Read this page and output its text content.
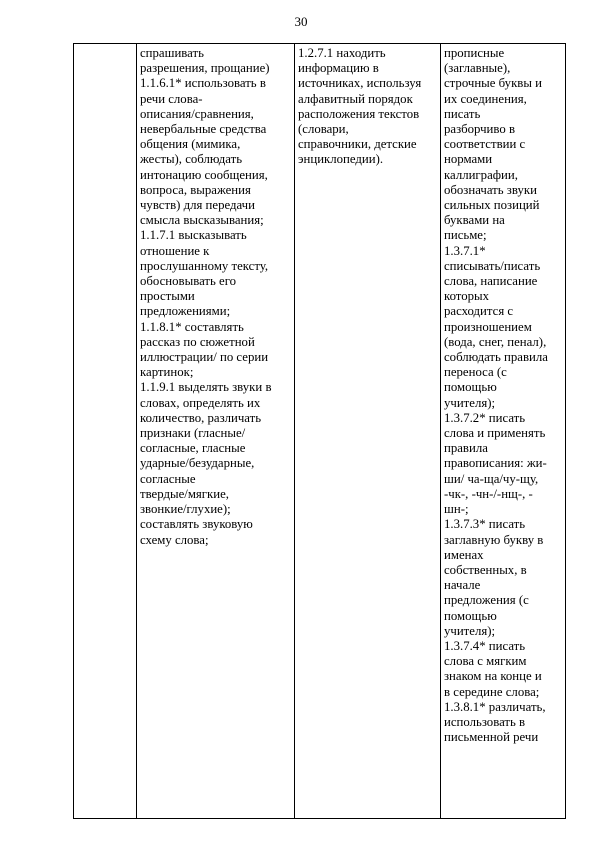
30

спрашивать
разрешения, прощание)

1.1.6.1* использовать в
речи слова-
описания/сравнения,
невербальные средства
общения (мимика,
жесты), соблюдать
интонацию сообщения,
вопроса, выражения
чувств) для передачи
смысла высказывания;

1.1.7.1 высказывать
отношение к
прослушанному тексту,
обосновывать его
простыми
предложениями;

1.1.8.1* составлять
рассказ по сюжетной
иллюстрации/ по серии
картинок;

1.1.9.1 выделять звуки в
словах, определять их
количество, различать
признаки (гласные/
согласные, гласные
ударные/безударные,
согласные
твердые/мягкие,
звонкие/глухие);
составлять звуковую
схему слова;

1.2.7.1 находить
информацию в
источниках, используя
алфавитный порядок
расположения текстов
(словари,
справочники, детские
энциклопедии).

прописные
(заглавные),
строчные буквы и
их соединения,
писать
разборчиво в
соответствии с
нормами
каллиграфии,
обозначать звуки
сильных позиций
буквами на
письме;

1.3.7.1*
списывать/писать
слова, написание
которых
расходится с
произношением
(вода, снег, пенал),
соблюдать правила
переноса (с
помощью
учителя);

1.3.7.2* писать
слова и применять
правила
правописания: жи-
ши/ ча-ща/чу-щу,
-чк-, -чн-/-нщ-, -
шн-;

1.3.7.3* писать
заглавную букву в
именах
собственных, в
начале
предложения (с
помощью
учителя);

1.3.7.4* писать
слова с мягким
знаком на конце и
в середине слова;

1.3.8.1* различать,
использовать в
письменной речи
